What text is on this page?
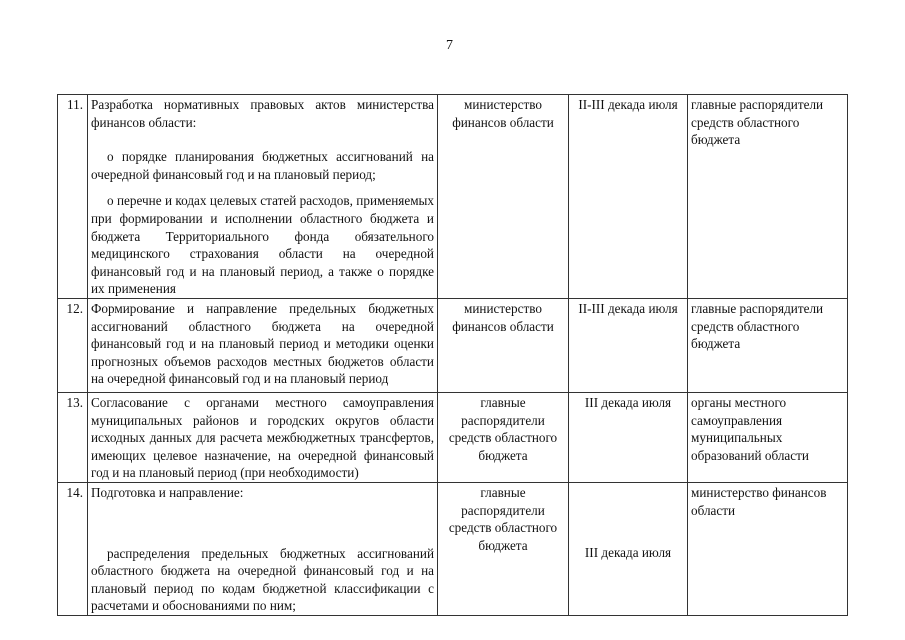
7
11.	Разработка нормативных правовых актов министерства финансов области:

о порядке планирования бюджетных ассигнований на очередной финансовый год и на плановый период;

о перечне и кодах целевых статей расходов, применяемых при формировании и исполнении областного бюджета и бюджета Территориального фонда обязательного медицинского страхования области на очередной финансовый год и на плановый период, а также о порядке их применения	министерство финансов области	II-III декада июля	главные распорядители средств областного бюджета
12.	Формирование и направление предельных бюджетных ассигнований областного бюджета на очередной финансовый год и на плановый период и методики оценки прогнозных объемов расходов местных бюджетов области на очередной финансовый год и на плановый период	министерство финансов области	II-III декада июля	главные распорядители средств областного бюджета
13.	Согласование с органами местного самоуправления муниципальных районов и городских округов области исходных данных для расчета межбюджетных трансфертов, имеющих целевое назначение, на очередной финансовый год и на плановый период (при необходимости)	главные распорядители средств областного бюджета	III декада июля	органы местного самоуправления муниципальных образований области
14.	Подготовка и направление:

распределения предельных бюджетных ассигнований областного бюджета на очередной финансовый год и на плановый период по кодам бюджетной классификации с расчетами и обоснованиями по ним;	главные распорядители средств областного бюджета	III декада июля	министерство финансов области
